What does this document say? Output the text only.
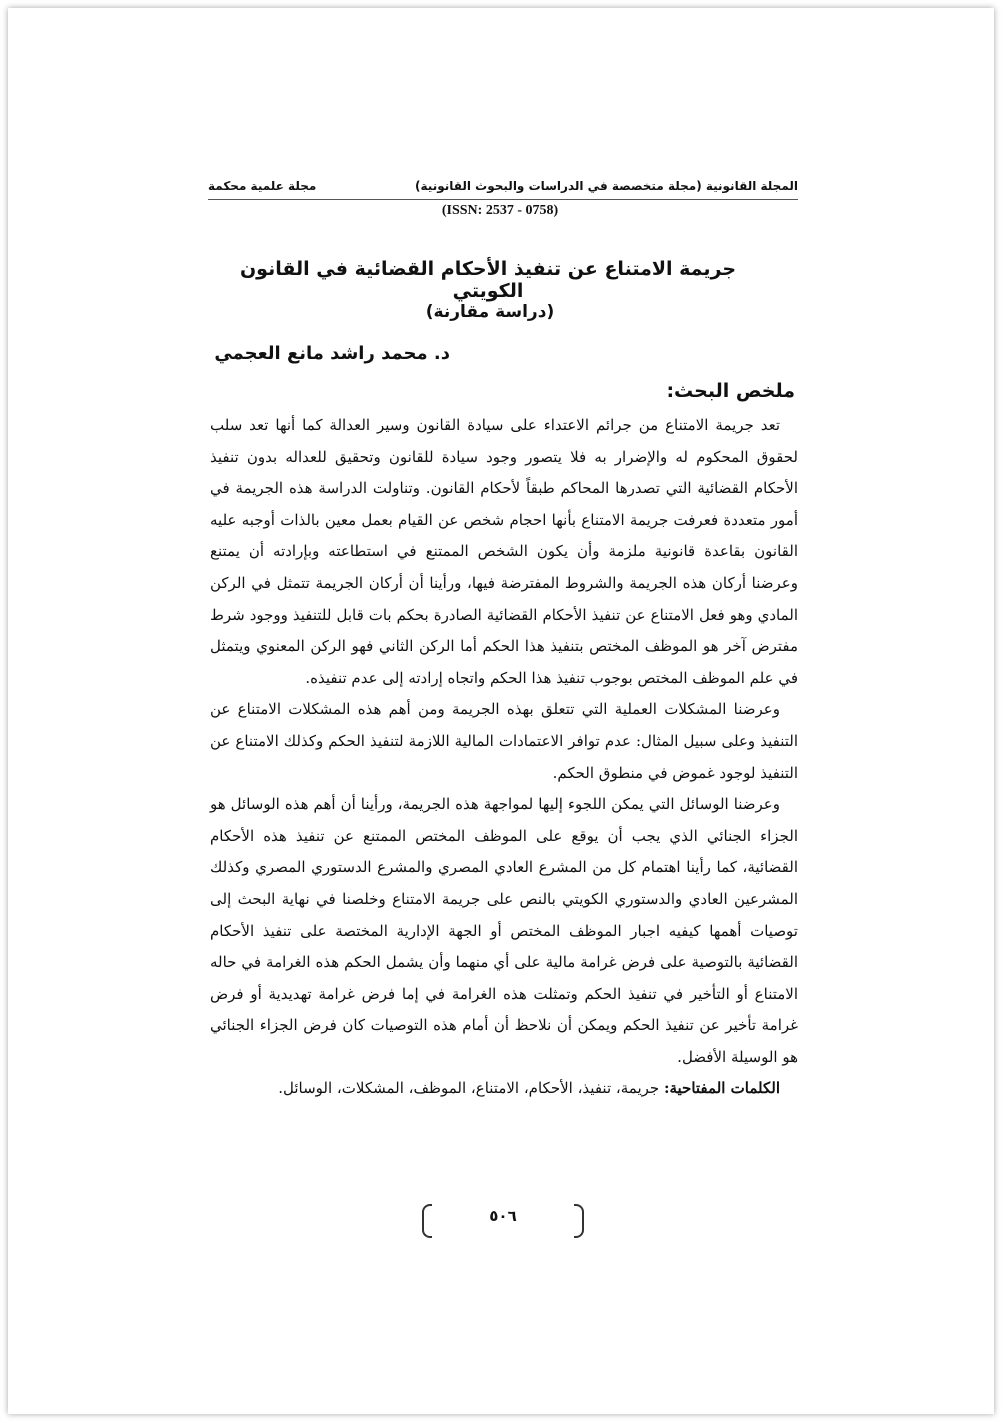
المجلة القانونية (مجلة متخصصة في الدراسات والبحوث القانونية)
مجلة علمية محكمة
(ISSN: 2537 - 0758)
جريمة الامتناع عن تنفيذ الأحكام القضائية في القانون الكويتي
(دراسة مقارنة)
د. محمد راشد مانع العجمي
ملخص البحث:

تعد جريمة الامتناع من جرائم الاعتداء على سيادة القانون وسير العدالة كما أنها تعد سلب لحقوق المحكوم له والإضرار به فلا يتصور وجود سيادة للقانون وتحقيق للعداله بدون تنفيذ الأحكام القضائية التي تصدرها المحاكم طبقاً لأحكام القانون. وتناولت الدراسة هذه الجريمة في أمور متعددة فعرفت جريمة الامتناع بأنها احجام شخص عن القيام بعمل معين بالذات أوجبه عليه القانون بقاعدة قانونية ملزمة وأن يكون الشخص الممتنع في استطاعته وبإرادته أن يمتنع وعرضنا أركان هذه الجريمة والشروط المفترضة فيها، ورأينا أن أركان الجريمة تتمثل في الركن المادي وهو فعل الامتناع عن تنفيذ الأحكام القضائية الصادرة بحكم بات قابل للتنفيذ ووجود شرط مفترض آخر هو الموظف المختص بتنفيذ هذا الحكم أما الركن الثاني فهو الركن المعنوي ويتمثل في علم الموظف المختص بوجوب تنفيذ هذا الحكم واتجاه إرادته إلى عدم تنفيذه.

وعرضنا المشكلات العملية التي تتعلق بهذه الجريمة ومن أهم هذه المشكلات الامتناع عن التنفيذ وعلى سبيل المثال: عدم توافر الاعتمادات المالية اللازمة لتنفيذ الحكم وكذلك الامتناع عن التنفيذ لوجود غموض في منطوق الحكم.

وعرضنا الوسائل التي يمكن اللجوء إليها لمواجهة هذه الجريمة، ورأينا أن أهم هذه الوسائل هو الجزاء الجنائي الذي يجب أن يوقع على الموظف المختص الممتنع عن تنفيذ هذه الأحكام القضائية، كما رأينا اهتمام كل من المشرع العادي المصري والمشرع الدستوري المصري وكذلك المشرعين العادي والدستوري الكويتي بالنص على جريمة الامتناع وخلصنا في نهاية البحث إلى توصيات أهمها كيفيه اجبار الموظف المختص أو الجهة الإدارية المختصة على تنفيذ الأحكام القضائية بالتوصية على فرض غرامة مالية على أي منهما وأن يشمل الحكم هذه الغرامة في حاله الامتناع أو التأخير في تنفيذ الحكم وتمثلت هذه الغرامة في إما فرض غرامة تهديدية أو فرض غرامة تأخير عن تنفيذ الحكم ويمكن أن نلاحظ أن أمام هذه التوصيات كان فرض الجزاء الجنائي هو الوسيلة الأفضل.

الكلمات المفتاحية: جريمة، تنفيذ، الأحكام، الامتناع، الموظف، المشكلات، الوسائل.

٥٠٦
